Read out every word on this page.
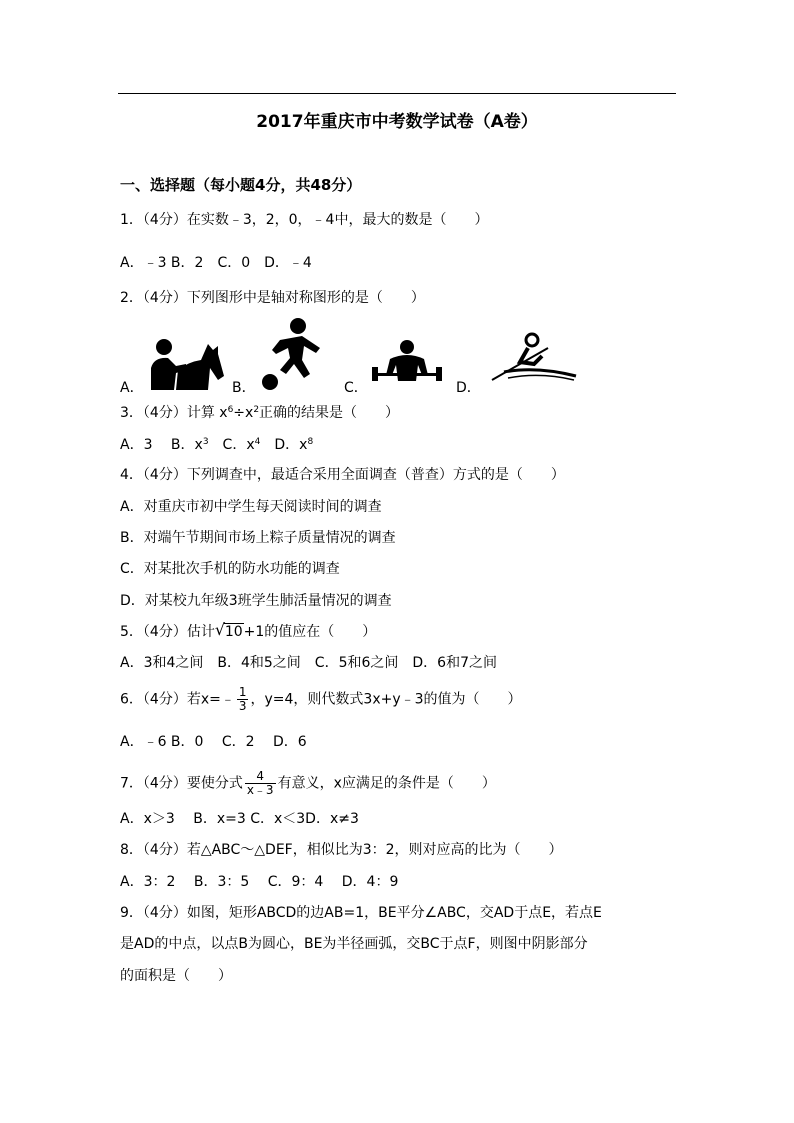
2017年重庆市中考数学试卷（A卷）
一、选择题（每小题4分，共48分）
1．（4分）在实数﹣3，2，0，﹣4中，最大的数是（　　）
A．﹣3 B．2　C．0　D．﹣4
2．（4分）下列图形中是轴对称图形的是（　　）
A．	B．	C．	D．
3．（4分）计算 $x^6\div x^2$正确的结果是（　　）
A．3　 B．$x^3$　C．$x^4$　D．$x^8$
4．（4分）下列调查中，最适合采用全面调查（普查）方式的是（　　）
A．对重庆市初中学生每天阅读时间的调查
B．对端午节期间市场上粽子质量情况的调查
C．对某批次手机的防水功能的调查
D．对某校九年级3班学生肺活量情况的调查
5．（4分）估计 √ 10+1的值应在（　　）
A．3和4之间　B．4和5之间　C．5和6之间　D．6和7之间
6．（4分）若x=﹣ $\frac{1}{3}$ ，y=4，则代数式3x+y﹣3的值为（　　）
A．﹣6 B．0　 C．2　 D．6
7．（4分）要使分式 $\frac{4}{x﹣3}$ 有意义，x应满足的条件是（　　）
A．x＞3　 B．x=3 C．x＜3D．x≠3
8．（4分）若△ABC～△DEF，相似比为3：2，则对应高的比为（　　）
A．3：2　 B．3：5　 C．9：4　 D．4：9
9．（4分）如图，矩形ABCD的边AB=1，BE平分∠ABC，交AD于点E，若点E
是AD的中点，以点B为圆心，BE为半径画弧，交BC于点F，则图中阴影部分
的面积是（　　）
